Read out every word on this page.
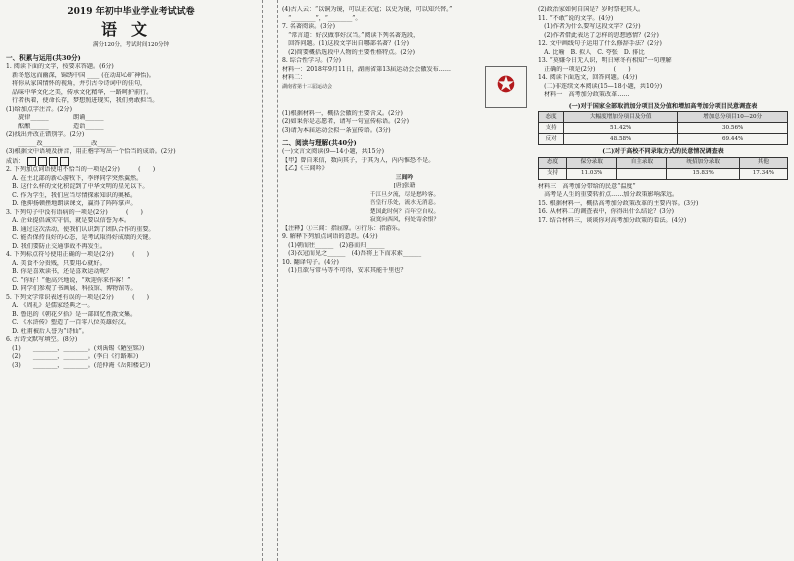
2019 年初中毕业学业考试试卷
语文
满分120分，考试时间120分钟
一、积累与运用(共30分)
1. 阅读下面的文字，按要求答题。(6分)
　新冬悠远而幽深，锦绣中国 ____ (在动却心旷神怡)。
　将你从家国情怀的视角，并引古今诗词中的佳句，
　品味中华文化之美，传承文化精华，一路呵护前行。
　行者执着，使命长存，梦想照进现实，我们勇敢担当。
(1)给加点字注音。(2分)
　　旋律______　　　　朗诵______
　　酝酿______　　　　造诣______
(2)找出并改正错别字。(2分)
　　______改______　　______改______
(3)根据文中语境及拼音，用正楷字写出一个恰当的成语。(2分)
成语：
2. 下列加点词语使用不恰当的一项是(2分)　　　(　　)
　A. 在主北部的新心游牧下，李铎同学突然翼然。
　B. 这什么样的文化积淀到了中华文明的星光以下。
　C. 作为学生，我们应当尽情探索知识的奥秘。
　D. 他抑扬顿挫地朗读课文，赢得了阵阵掌声。
3. 下列句子中没有语病的一项是(2分)　　　(　　)
　A. 企业提倡诚实守信，就是要以信誉为本。
　B. 通过这次活动，使我们认识到了团队合作的重要。
　C. 能否保持良好的心态，是考试取得好成绩的关键。
　D. 我们要防止交通事故不再发生。
4. 下列标点符号使用正确的一项是(2分)　　　(　　)
　A. 美食不分贵贱，只要用心就好。
　B. 你是喜欢读书，还是喜欢运动呢？
　C. “你好！”他高兴地说，“欢迎你来作客！”
　D. 同学们参观了书画展、科技馆、博物馆等。
5. 下列文学常识表述有误的一项是(2分)　　　(　　)
　A. 《周礼》是儒家经典之一。
　B. 鲁迅的《朝花夕拾》是一部回忆性散文集。
　C. 《水浒传》塑造了一百零八位英雄好汉。
　D. 杜甫被后人誉为“诗仙”。
6. 古诗文默写填空。(8分)
　(1)　　________，________。(刘禹锡《陋室铭》)
　(2)　　________，________。(李白《行路难》)
　(3)　　________，________。(范仲淹《岳阳楼记》)
(4)古人云：“以铜为镜，可以正衣冠；以史为镜，可以知兴替。”
　“________”，“________”。
7. 名著阅读。(3分)
　“常言道：好汉做事好汉当。”阅读下列名著选段，
　回答问题。(1)这段文字出自哪部名著？(1分)
　(2)简要概括选段中人物的主要性格特点。(2分)
8. 综合性学习。(7分)
✪
材料一：2018年9月11日，湖南省第13届运动会会徽发布……
材料二：
湖南省第十三届运动会
(1)根据材料一，概括会徽的主要含义。(2分)
(2)如果你是志愿者，请写一句宣传标语。(2分)
(3)请为本届运动会拟一条宣传语。(3分)
二、阅读与理解(共40分)
(一)文言文阅读(9—14小题，共15分)
【甲】曾自来信，数向其子，于其为人，内内惟恐不是。
【乙】《三闾吟》
三闾吟
[唐]张籍
千江旦夕流，尽是愁吟客。
吾皇行乐处，流水无消息。
楚国此时何？百年空自叹。
寂寞向西风，何处寄余恨？
【注释】①三闾：指屈原。②行乐：指游乐。
9. 解释下列加点词语的意思。(4分)
　(1)朝而往______　(2)暮而归______
　(3)衣冠而见之______　(4)吾将上下而求索______
10. 翻译句子。(4分)
　(1)且欲与常马等不可得，安求其能千里也？
(2)政治家如何自国是？岁时祭祀其人。
11. “不敢”说的文字。(4分)
　(1)作者为什么要写这段文字？(2分)
　(2)作者借此表达了怎样的思想感情？(2分)
12. 文中画线句子运用了什么修辞手法？(2分)
　A. 比喻　B. 拟人　C. 夸张　D. 排比
13. “莫嫌今日无人识，明日寒冬有相知”一句理解
　正确的一项是(2分)　　　(　　)
14. 阅读下面选文，回答问题。(4分)
　(二)非连续文本阅读(15—18小题，共10分)
　材料一　高考加分政策改革……
(一)对于国家全部取消加分项目及分值和增加高考加分项目民意调查表
态度	大幅度增加分项目及分值	增加总分项目10—20分
支持	51.42%	30.56%
反对	48.58%	69.44%
(二)对于高校不同录取方式的民意情况调查表
态度	保分录取	自主录取	统招加分录取	其他
支持	11.03%		15.83%	17.34%
材料三　高考加分带给的民意“温度”
　高考是人生的重要转折点……加分政策影响深远。
15. 根据材料一，概括高考加分政策改革的主要内容。(3分)
16. 从材料二的调查表中，你得出什么结论？(3分)
17. 结合材料三，谈谈你对高考加分政策的看法。(4分)
